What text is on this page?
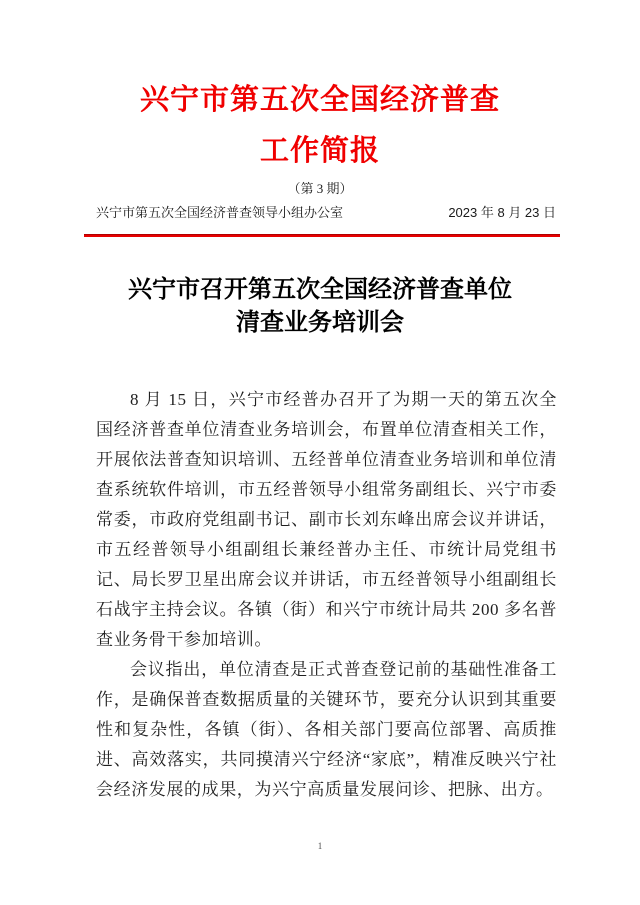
兴宁市第五次全国经济普查
工作简报
（第 3 期）
兴宁市第五次全国经济普查领导小组办公室	2023 年 8 月 23 日
兴宁市召开第五次全国经济普查单位
清查业务培训会

8 月 15 日，兴宁市经普办召开了为期一天的第五次全国经济普查单位清查业务培训会，布置单位清查相关工作，开展依法普查知识培训、五经普单位清查业务培训和单位清查系统软件培训，市五经普领导小组常务副组长、兴宁市委常委，市政府党组副书记、副市长刘东峰出席会议并讲话，市五经普领导小组副组长兼经普办主任、市统计局党组书记、局长罗卫星出席会议并讲话，市五经普领导小组副组长石战宇主持会议。各镇（街）和兴宁市统计局共 200 多名普查业务骨干参加培训。

会议指出，单位清查是正式普查登记前的基础性准备工作，是确保普查数据质量的关键环节，要充分认识到其重要性和复杂性，各镇（街）、各相关部门要高位部署、高质推进、高效落实，共同摸清兴宁经济“家底”，精准反映兴宁社会经济发展的成果，为兴宁高质量发展问诊、把脉、出方。

1
